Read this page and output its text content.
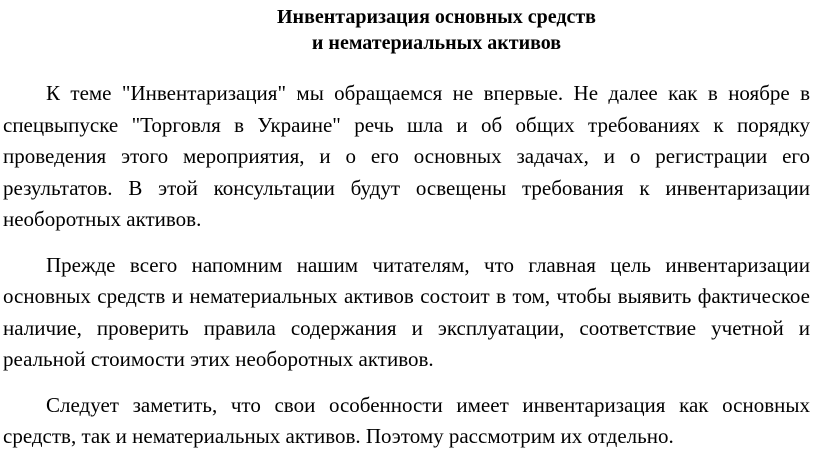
Инвентаризация основных средств
и нематериальных активов

К теме "Инвентаризация" мы обращаемся не впервые. Не далее как в ноябре в спецвыпуске "Торговля в Украине" речь шла и об общих требованиях к порядку проведения этого мероприятия, и о его основных задачах, и о регистрации его результатов. В этой консультации будут освещены требования к инвентаризации необоротных активов.

Прежде всего напомним нашим читателям, что главная цель инвентаризации основных средств и нематериальных активов состоит в том, чтобы выявить фактическое наличие, проверить правила содержания и эксплуатации, соответствие учетной и реальной стоимости этих необоротных активов.

Следует заметить, что свои особенности имеет инвентаризация как основных средств, так и нематериальных активов. Поэтому рассмотрим их отдельно.
